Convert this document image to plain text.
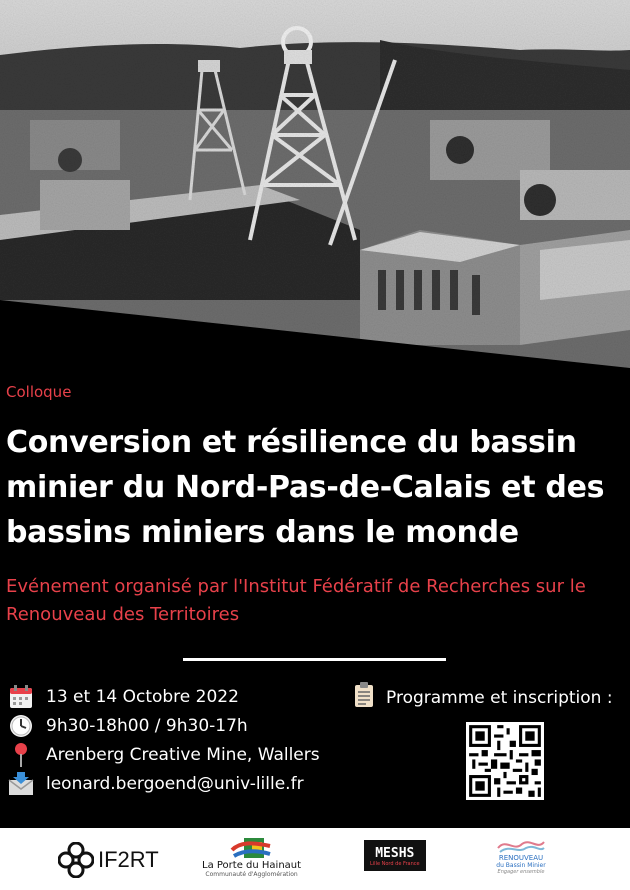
Colloque
Conversion et résilience du bassin minier du Nord-Pas-de-Calais et des bassins miniers dans le monde
Evénement organisé par l'Institut Fédératif de Recherches sur le Renouveau des Territoires
13 et 14 Octobre 2022
9h30-18h00 / 9h30-17h
Arenberg Creative Mine, Wallers
leonard.bergoend@univ-lille.fr
Programme et inscription :
IF2RT	La Porte du Hainaut
Communauté d'Agglomération
MESHS
Lille Nord de France
RENOUVEAU
du Bassin Minier
Engager ensemble
